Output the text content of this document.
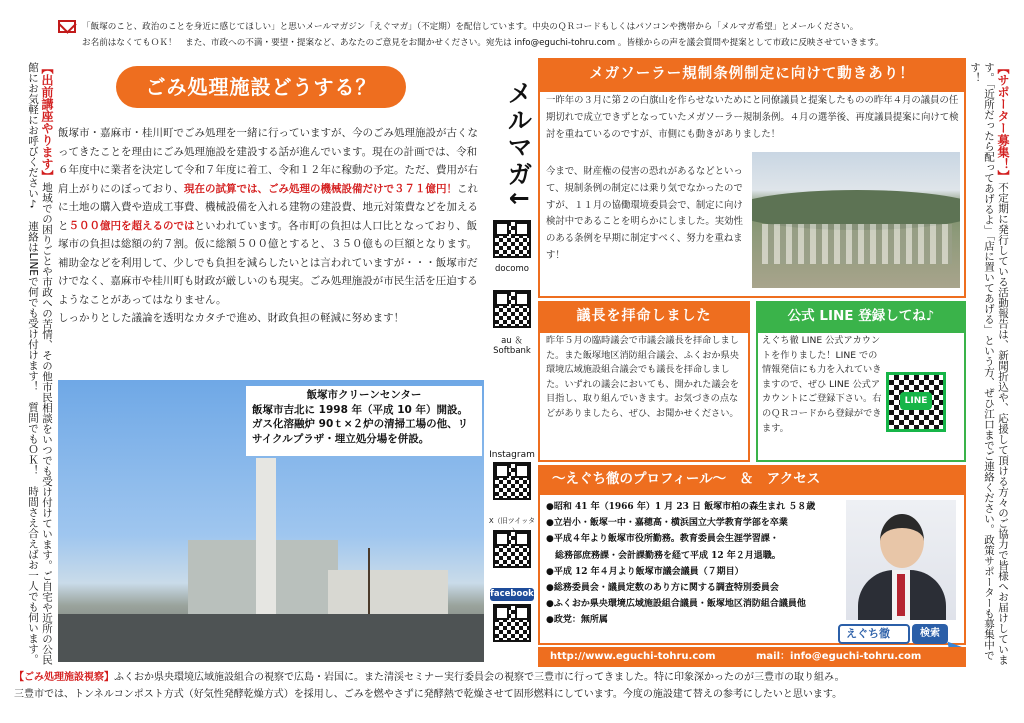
「飯塚のこと、政治のことを身近に感じてほしい」と思いメールマガジン「えぐマガ」（不定期）を配信しています。中央のＱＲコードもしくはパソコンや携帯から「メルマガ希望」とメールください。
お名前はなくてもＯＫ！　また、市政への不満・要望・提案など、あなたのご意見をお聞かせください。宛先は info@eguchi-tohru.com 。皆様からの声を議会質問や提案として市政に反映させていきます。
【サポーター募集！】不定期に発行している活動報告は、新聞折込や、応援して頂ける方々のご協力で皆様へお届けしています。「近所だったら配ってあげるよ」「店に置いてあげる」という方、ぜひ江口までご連絡ください。政策サポーターも募集中です！
【出前講座やります】地域での困りごとや市政への苦情、その他市民相談をいつでも受け付けています。ご自宅や近所の公民館にお気軽にお呼びください♪　連絡はLINEで何でも受け付けます！　質問でもＯＫ！　時間さえ合えばお一人でも伺います。	ごみ処理施設どうする？
飯塚市・嘉麻市・桂川町でごみ処理を一緒に行っていますが、今のごみ処理施設が古くなってきたことを理由にごみ処理施設を建設する話が進んでいます。現在の計画では、令和６年度中に業者を決定して令和７年度に着工、令和１２年に稼動の予定。ただ、費用が右肩上がりにのぼっており、現在の試算では、ごみ処理の機械設備だけで３７１億円！これに土地の購入費や造成工事費、機械設備を入れる建物の建設費、地元対策費などを加えると５００億円を超えるのではといわれています。各市町の負担は人口比となっており、飯塚市の負担は総額の約７割。仮に総額５００億とすると、３５０億もの巨額となります。補助金などを利用して、少しでも負担を減らしたいとは言われていますが・・・飯塚市だけでなく、嘉麻市や桂川町も財政が厳しいのも現実。ごみ処理施設が市民生活を圧迫するようなことがあってはなりません。
しっかりとした議論を透明なカタチで進め、財政負担の軽減に努めます！
飯塚市クリーンセンター
飯塚市吉北に 1998 年（平成 10 年）開設。ガス化溶融炉 90ｔ×２炉の清掃工場の他、リサイクルプラザ・埋立処分場を併設。
メルマガ↓
docomo
au ＆ Softbank
Instagram
X（旧ツイッタ
facebook
メガソーラー規制条例制定に向けて動きあり！
一昨年の３月に第２の白旗山を作らせないためにと同僚議員と提案したものの昨年４月の議員の任期切れで成立できずとなっていたメガソーラー規制条例。４月の選挙後、再度議員提案に向けて検討を重ねているのですが、市側にも動きがありました！
今まで、財産権の侵害の恐れがあるなどといって、規制条例の制定には乗り気でなかったのですが、１１月の協働環境委員会で、制定に向け検討中であることを明らかにしました。実効性のある条例を早期に制定すべく、努力を重ねます！
議長を拝命しました
昨年５月の臨時議会で市議会議長を拝命しました。また飯塚地区消防組合議会、ふくおか県央環境広域施設組合議会でも議長を拝命しました。いずれの議会においても、開かれた議会を目指し、取り組んでいきます。お気づきの点などがありましたら、ぜひ、お聞かせください。
公式 LINE 登録してね♪
えぐち徹 LINE 公式アカウントを作りました！LINE での情報発信にも力を入れていきますので、ぜひ LINE 公式アカウントにご登録下さい。右のＱＲコードから登録ができます。
LINE
～えぐち徹のプロフィール～　＆　アクセス
●昭和 41 年（1966 年）1 月 23 日 飯塚市柏の森生まれ ５８歳
●立岩小・飯塚一中・嘉穂高・横浜国立大学教育学部を卒業
●平成４年より飯塚市役所勤務。教育委員会生涯学習課・
　総務部庶務課・会計課勤務を経て平成 12 年２月退職。
●平成 12 年４月より飯塚市議会議員（７期目）
●総務委員会・議員定数のあり方に関する調査特別委員会
●ふくおか県央環境広域施設組合議員・飯塚地区消防組合議員他
●政党：無所属
えぐち徹	検索
http://www.eguchi-tohru.com	mail：info@eguchi-tohru.com
【ごみ処理施設視察】ふくおか県央環境広域施設組合の視察で広島・岩国に。また清渓セミナー実行委員会の視察で三豊市に行ってきました。特に印象深かったのが三豊市の取り組み。
三豊市では、トンネルコンポスト方式（好気性発酵乾燥方式）を採用し、ごみを燃やさずに発酵熱で乾燥させて固形燃料にしています。今度の施設建て替えの参考にしたいと思います。
